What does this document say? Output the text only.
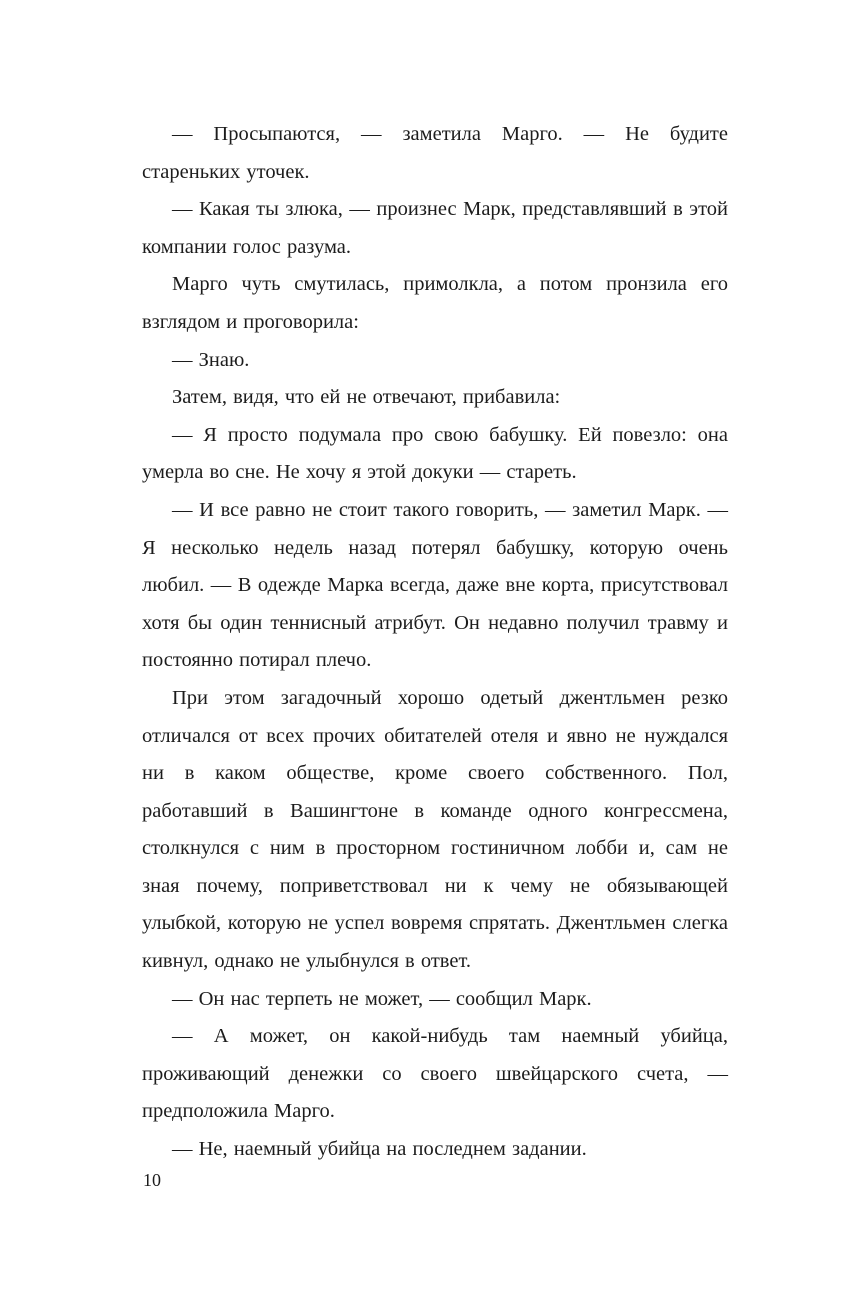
— Просыпаются, — заметила Марго. — Не будите стареньких уточек.

— Какая ты злюка, — произнес Марк, представлявший в этой компании голос разума.

Марго чуть смутилась, примолкла, а потом пронзила его взглядом и проговорила:

— Знаю.

Затем, видя, что ей не отвечают, прибавила:

— Я просто подумала про свою бабушку. Ей повезло: она умерла во сне. Не хочу я этой докуки — стареть.

— И все равно не стоит такого говорить, — заметил Марк. — Я несколько недель назад потерял бабушку, которую очень любил. — В одежде Марка всегда, даже вне корта, присутствовал хотя бы один теннисный атрибут. Он недавно получил травму и постоянно потирал плечо.

При этом загадочный хорошо одетый джентльмен резко отличался от всех прочих обитателей отеля и явно не нуждался ни в каком обществе, кроме своего собственного. Пол, работавший в Вашингтоне в команде одного конгрессмена, столкнулся с ним в просторном гостиничном лобби и, сам не зная почему, поприветствовал ни к чему не обязывающей улыбкой, которую не успел вовремя спрятать. Джентльмен слегка кивнул, однако не улыбнулся в ответ.

— Он нас терпеть не может, — сообщил Марк.

— А может, он какой-нибудь там наемный убийца, проживающий денежки со своего швейцарского счета, — предположила Марго.

— Не, наемный убийца на последнем задании.

10
